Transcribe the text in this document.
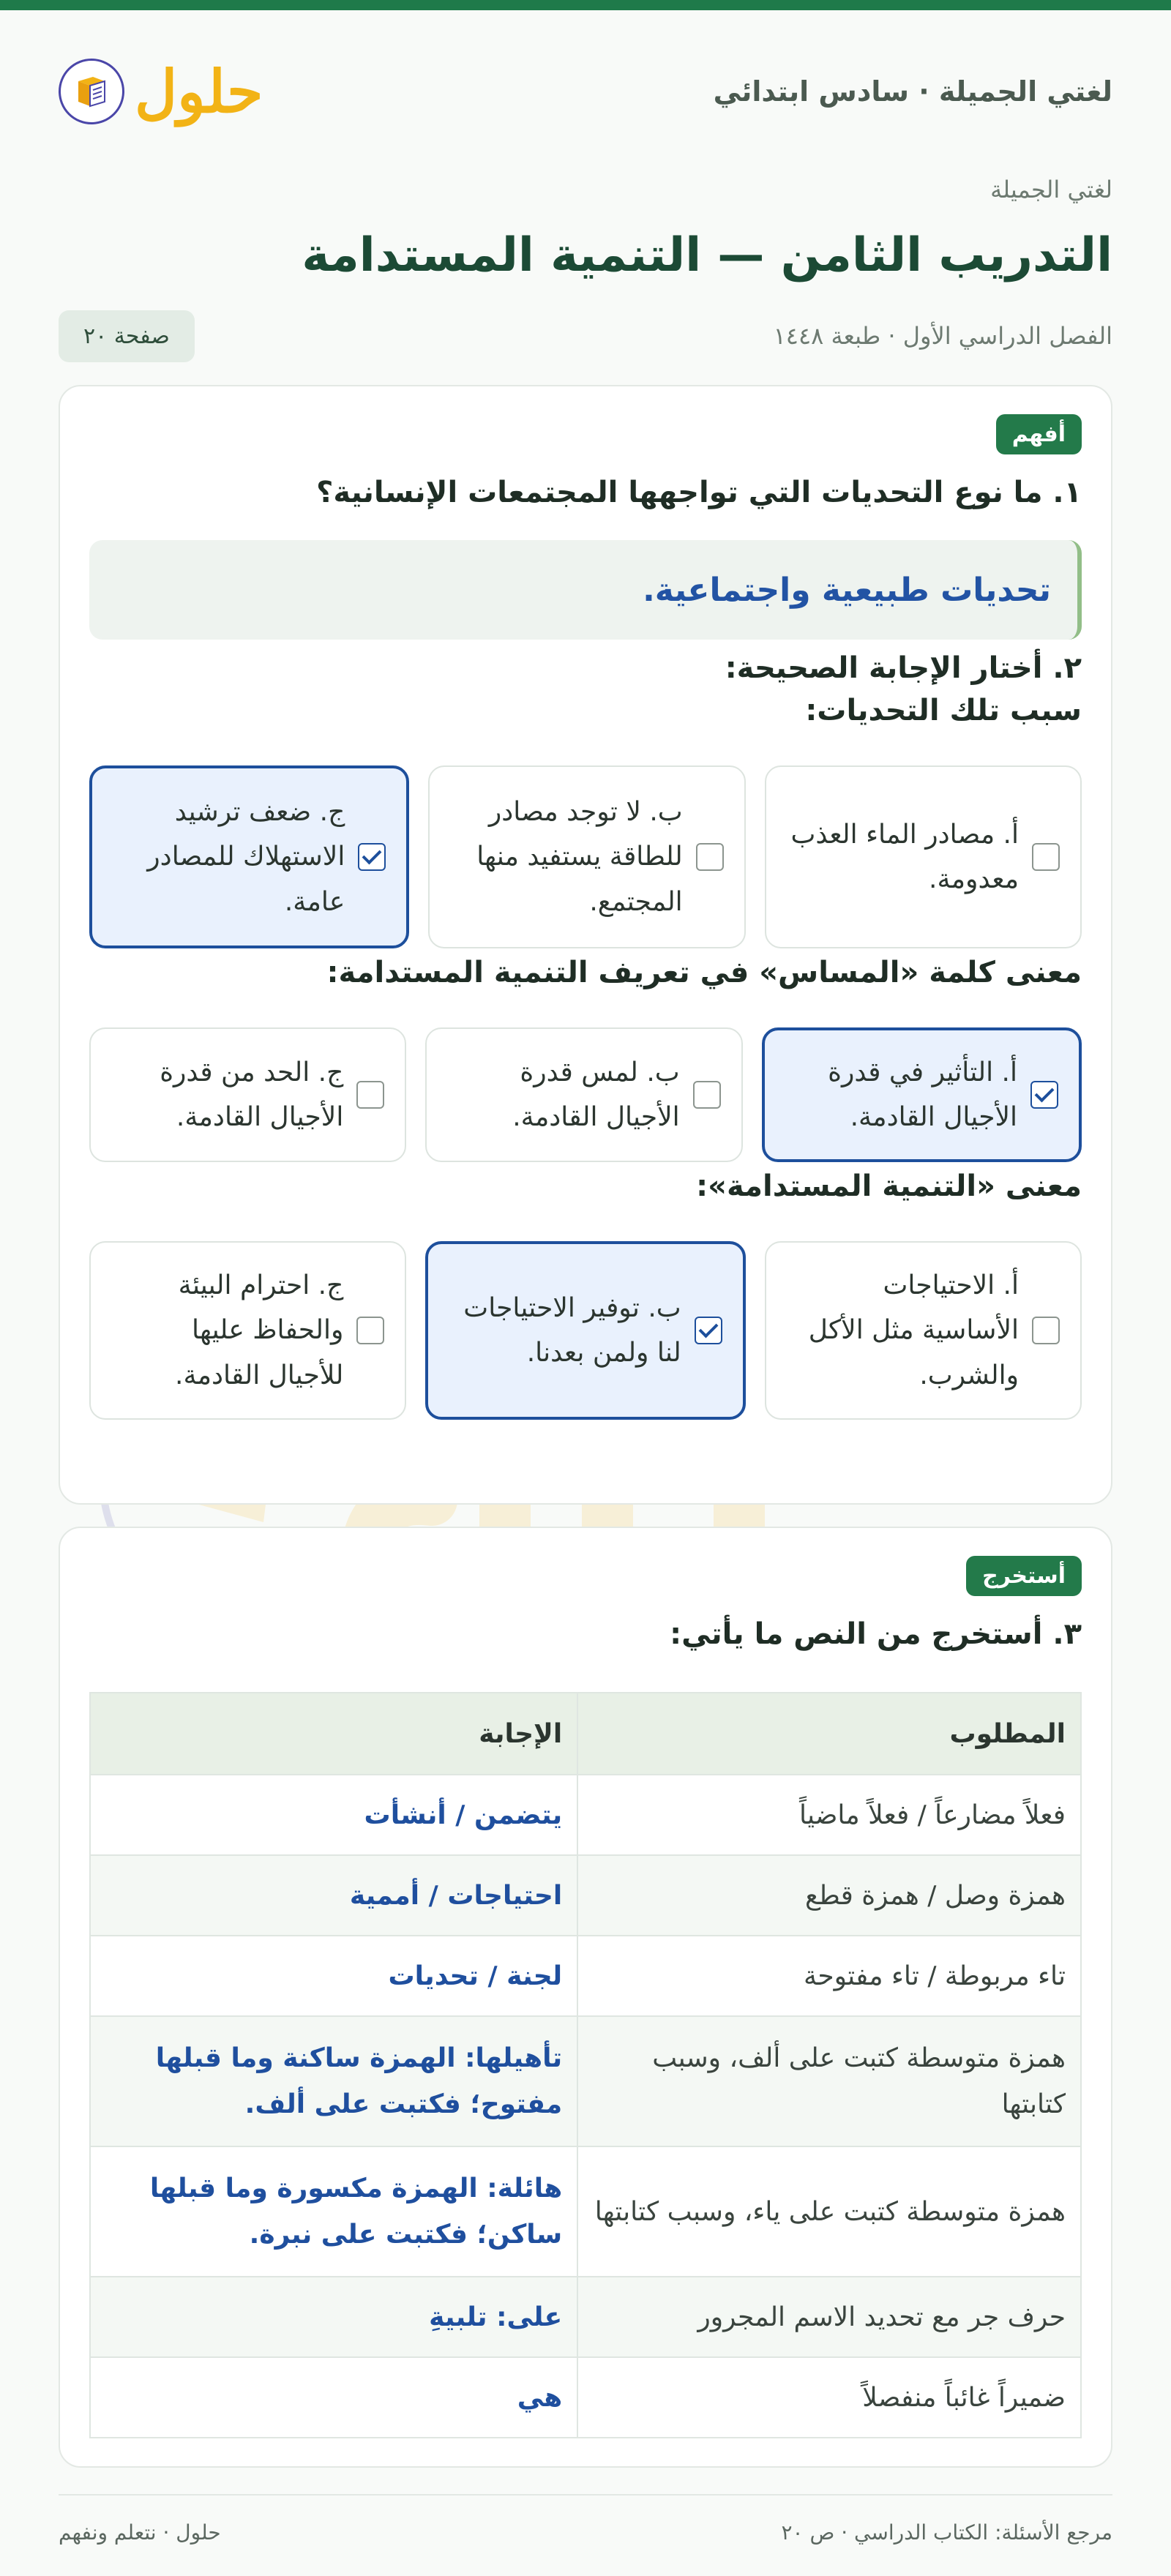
لغتي الجميلة · سادس ابتدائي
حلول
لغتي الجميلة
التدريب الثامن — التنمية المستدامة
الفصل الدراسي الأول · طبعة ١٤٤٨
صفحة ٢٠
أفهم
١. ما نوع التحديات التي تواجهها المجتمعات الإنسانية؟
تحديات طبيعية واجتماعية.
٢. أختار الإجابة الصحيحة:
سبب تلك التحديات:
أ. مصادر الماء العذب معدومة.
ب. لا توجد مصادر للطاقة يستفيد منها المجتمع.
ج. ضعف ترشيد الاستهلاك للمصادر عامة.
معنى كلمة «المساس» في تعريف التنمية المستدامة:
أ. التأثير في قدرة الأجيال القادمة.
ب. لمس قدرة الأجيال القادمة.
ج. الحد من قدرة الأجيال القادمة.
معنى «التنمية المستدامة»:
أ. الاحتياجات الأساسية مثل الأكل والشرب.
ب. توفير الاحتياجات لنا ولمن بعدنا.
ج. احترام البيئة والحفاظ عليها للأجيال القادمة.
أستخرج
٣. أستخرج من النص ما يأتي:
المطلوب	الإجابة
فعلاً مضارعاً / فعلاً ماضياً	يتضمن / أنشأت
همزة وصل / همزة قطع	احتياجات / أممية
تاء مربوطة / تاء مفتوحة	لجنة / تحديات
همزة متوسطة كتبت على ألف، وسبب كتابتها	تأهيلها: الهمزة ساكنة وما قبلها مفتوح؛ فكتبت على ألف.
همزة متوسطة كتبت على ياء، وسبب كتابتها	هائلة: الهمزة مكسورة وما قبلها ساكن؛ فكتبت على نبرة.
حرف جر مع تحديد الاسم المجرور	على: تلبيةِ
ضميراً غائباً منفصلاً	هي
مرجع الأسئلة: الكتاب الدراسي · ص ٢٠
حلول · نتعلم ونفهم
